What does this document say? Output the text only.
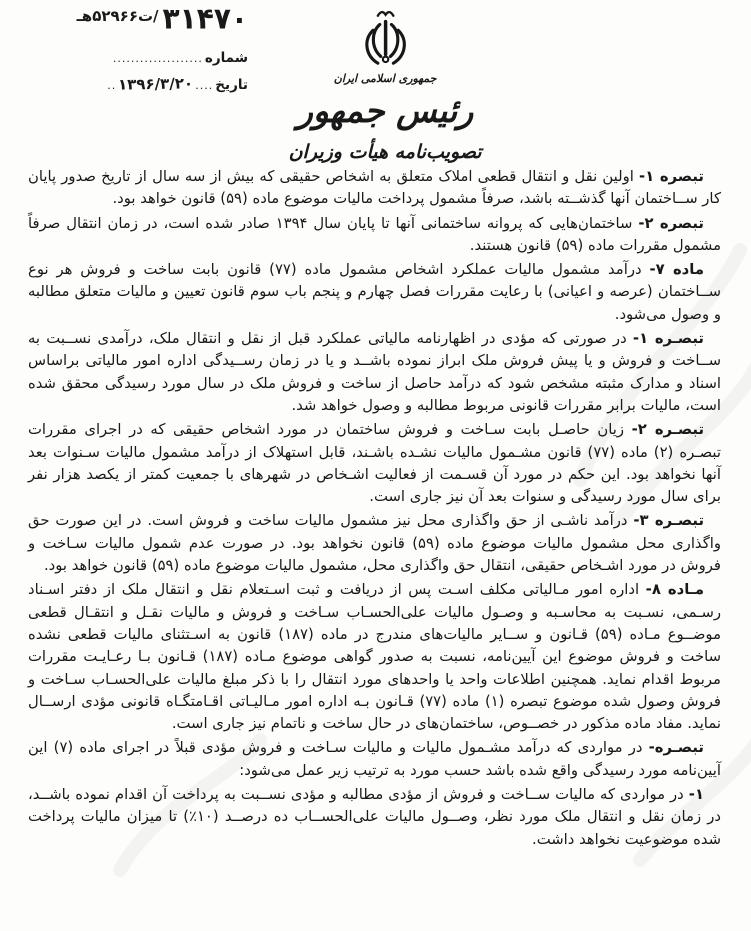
۳۱۴۷۰
/ت۵۲۹۶۶هـ
شماره
....................
تاریخ
....
۱۳۹۶/۳/۲۰
..
جمهوری اسلامی ایران
رئیس جمهور
تصویب‌نامه هیأت وزیران

تبصره ۱- اولین نقل و انتقال قطعی املاک متعلق به اشخاص حقیقی که بیش از سه سال از تاریخ صدور پایان کار ســاختمان آنها گذشــته باشد، صرفاً مشمول پرداخت مالیات موضوع ماده (۵۹) قانون خواهد بود.

تبصره ۲- ساختمان‌هایی که پروانه ساختمانی آنها تا پایان سال ۱۳۹۴ صادر شده است، در زمان انتقال صرفاً مشمول مقررات ماده (۵۹) قانون هستند.

ماده ۷- درآمد مشمول مالیات عملکرد اشخاص مشمول ماده (۷۷) قانون بابت ساخت و فروش هر نوع ســاختمان (عرصه و اعیانی) با رعایت مقررات فصل چهارم و پنجم باب سوم قانون تعیین و مالیات متعلق مطالبه و وصول می‌شود.

تبصـره ۱- در صورتی که مؤدی در اظهارنامه مالیاتی عملکرد قبل از نقل و انتقال ملک، درآمدی نســبت به ســاخت و فروش و یا پیش فروش ملک ابراز نموده باشــد و یا در زمان رســیدگی اداره امور مالیاتی براساس اسناد و مدارک مثبته مشخص شود که درآمد حاصل از ساخت و فروش ملک در سال مورد رسیدگی محقق شده است، مالیات برابر مقررات قانونی مربوط مطالبه و وصول خواهد شد.

تبصـره ۲- زیان حاصـل بابت سـاخت و فروش ساختمان در مورد اشخاص حقیقی که در اجرای مقررات تبصـره (۲) ماده (۷۷) قانون مشـمول مالیات نشـده باشـند، قابل استهلاک از درآمد مشمول مالیات سـنوات بعد آنها نخواهد بود. این حکم در مورد آن قسـمت از فعالیت اشـخاص در شهرهای با جمعیت کمتر از یکصد هزار نفر برای سال مورد رسیدگی و سنوات بعد آن نیز جاری است.

تبصـره ۳- درآمد ناشـی از حق واگذاری محل نیز مشمول مالیات ساخت و فروش است. در این صورت حق واگذاری محل مشمول مالیات موضوع ماده (۵۹) قانون نخواهد بود. در صورت عدم شمول مالیات سـاخت و فروش در مورد اشـخاص حقیقی، انتقال حق واگذاری محل، مشمول مالیات موضوع ماده (۵۹) قانون خواهد بود.

مـاده ۸- اداره امور مـالیاتی مکلف اسـت پس از دریافت و ثبت اسـتعلام نقل و انتقال ملک از دفتر اسـناد رسـمی، نسـبت به محاسـبه و وصـول مالیات علی‌الحسـاب سـاخت و فروش و مالیات نقـل و انتقـال قطعی موضــوع مـاده (۵۹) قـانون و ســایر مالیات‌های مندرج در ماده (۱۸۷) قانون به اسـتثنای مالیات قطعی نشده ساخت و فروش موضوع این آیین‌نامه، نسبت به صدور گواهی موضوع مـاده (۱۸۷) قـانون بـا رعـایـت مقررات مربوط اقدام نماید. همچنین اطلاعات واحد یا واحدهای مورد انتقال را با ذکر مبلغ مالیات علی‌الحسـاب سـاخت و فروش وصول شده موضوع تبصره (۱) ماده (۷۷) قـانون بـه اداره امور مـالیـاتی اقـامتگـاه قانونی مؤدی ارســال نماید. مفاد ماده مذکور در خصــوص، ساختمان‌های در حال ساخت و ناتمام نیز جاری است.

تبصـره- در مواردی که درآمد مشـمول مالیات و مالیات سـاخت و فروش مؤدی قبلاً در اجرای ماده (۷) این آیین‌نامه مورد رسیدگی واقع شده باشد حسب مورد به ترتیب زیر عمل می‌شود:

۱- در مواردی که مالیات ســاخت و فروش از مؤدی مطالبه و مؤدی نســبت به پرداخت آن اقدام نموده باشــد، در زمان نقل و انتقال ملک مورد نظر، وصــول مالیات علی‌الحســاب ده درصــد (۱۰٪) تا میزان مالیات پرداخت شده موضوعیت نخواهد داشت.
